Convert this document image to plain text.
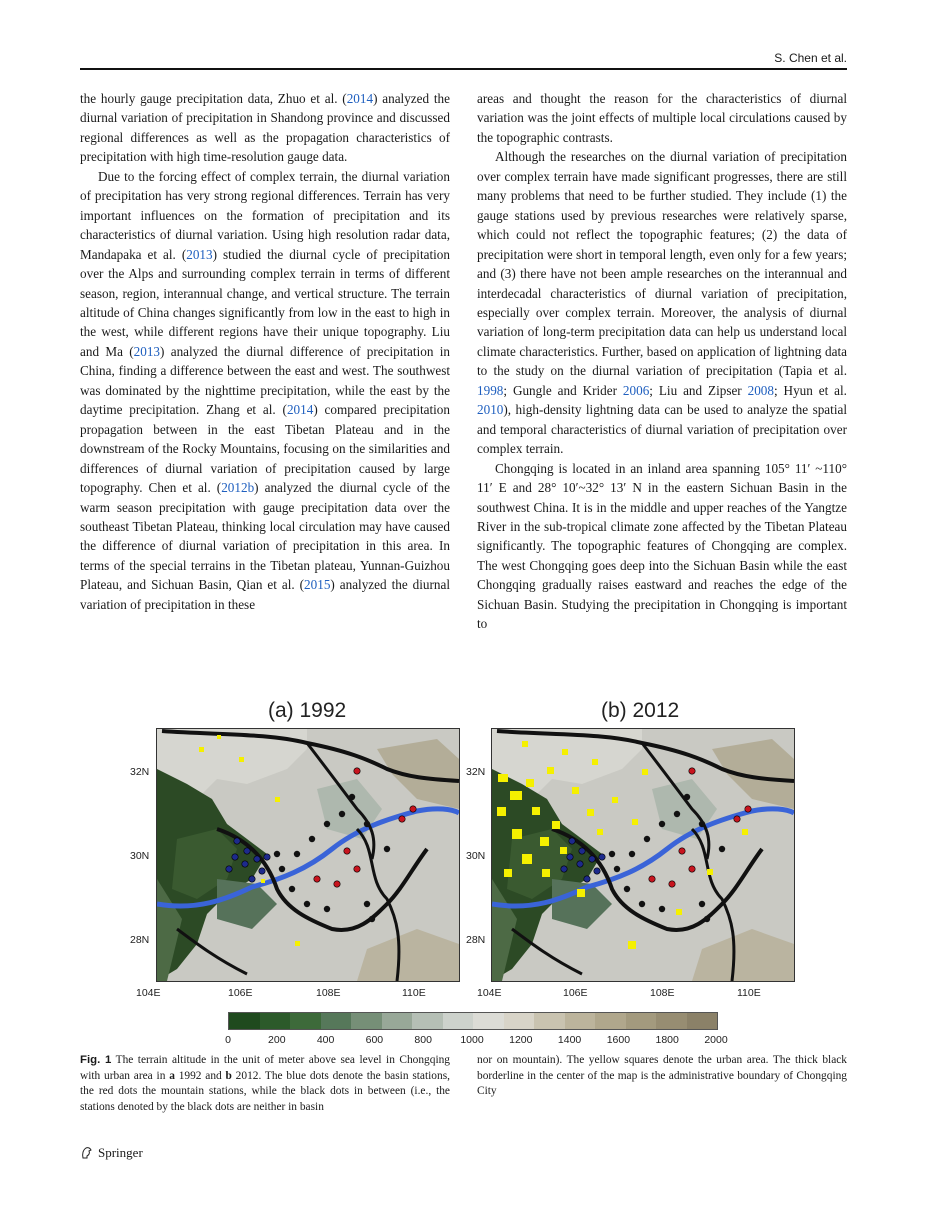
S. Chen et al.

the hourly gauge precipitation data, Zhuo et al. (2014) analyzed the diurnal variation of precipitation in Shandong province and discussed regional differences as well as the propagation characteristics of precipitation with high time-resolution gauge data.

Due to the forcing effect of complex terrain, the diurnal variation of precipitation has very strong regional differences. Terrain has very important influences on the formation of precipitation and its characteristics of diurnal variation. Using high resolution radar data, Mandapaka et al. (2013) studied the diurnal cycle of precipitation over the Alps and surrounding complex terrain in terms of different season, region, interannual change, and vertical structure. The terrain altitude of China changes significantly from low in the east to high in the west, while different regions have their unique topography. Liu and Ma (2013) analyzed the diurnal difference of precipitation in China, finding a difference between the east and west. The southwest was dominated by the nighttime precipitation, while the east by the daytime precipitation. Zhang et al. (2014) compared precipitation propagation between in the east Tibetan Plateau and in the downstream of the Rocky Mountains, focusing on the similarities and differences of diurnal variation of precipitation caused by large topography. Chen et al. (2012b) analyzed the diurnal cycle of the warm season precipitation with gauge precipitation data over the southeast Tibetan Plateau, thinking local circulation may have caused the difference of diurnal variation of precipitation in this area. In terms of the special terrains in the Tibetan plateau, Yunnan-Guizhou Plateau, and Sichuan Basin, Qian et al. (2015) analyzed the diurnal variation of precipitation in these

areas and thought the reason for the characteristics of diurnal variation was the joint effects of multiple local circulations caused by the topographic contrasts.

Although the researches on the diurnal variation of precipitation over complex terrain have made significant progresses, there are still many problems that need to be further studied. They include (1) the gauge stations used by previous researches were relatively sparse, which could not reflect the topographic features; (2) the data of precipitation were short in temporal length, even only for a few years; and (3) there have not been ample researches on the interannual and interdecadal characteristics of diurnal variation of precipitation, especially over complex terrain. Moreover, the analysis of diurnal variation of long-term precipitation data can help us understand local climate characteristics. Further, based on application of lightning data to the study on the diurnal variation of precipitation (Tapia et al. 1998; Gungle and Krider 2006; Liu and Zipser 2008; Hyun et al. 2010), high-density lightning data can be used to analyze the spatial and temporal characteristics of diurnal variation of precipitation over complex terrain.

Chongqing is located in an inland area spanning 105° 11′ ~110° 11′ E and 28° 10′~32° 13′ N in the eastern Sichuan Basin in the southwest China. It is in the middle and upper reaches of the Yangtze River in the sub-tropical climate zone affected by the Tibetan Plateau significantly. The topographic features of Chongqing are complex. The west Chongqing goes deep into the Sichuan Basin while the east Chongqing gradually raises eastward and reaches the edge of the Sichuan Basin. Studying the precipitation in Chongqing is important to

(a) 1992	(b) 2012
32N
30N
28N
32N
30N
28N
104E	106E	108E	110E	104E	106E	108E	110E
0	200	400	600	800	1000 1200 1400 1600 1800 2000
Fig. 1 The terrain altitude in the unit of meter above sea level in Chongqing with urban area in a 1992 and b 2012. The blue dots denote the basin stations, the red dots the mountain stations, while the black dots in between (i.e., the stations denoted by the black dots are neither in basin
nor on mountain). The yellow squares denote the urban area. The thick black borderline in the center of the map is the administrative boundary of Chongqing City
Springer
